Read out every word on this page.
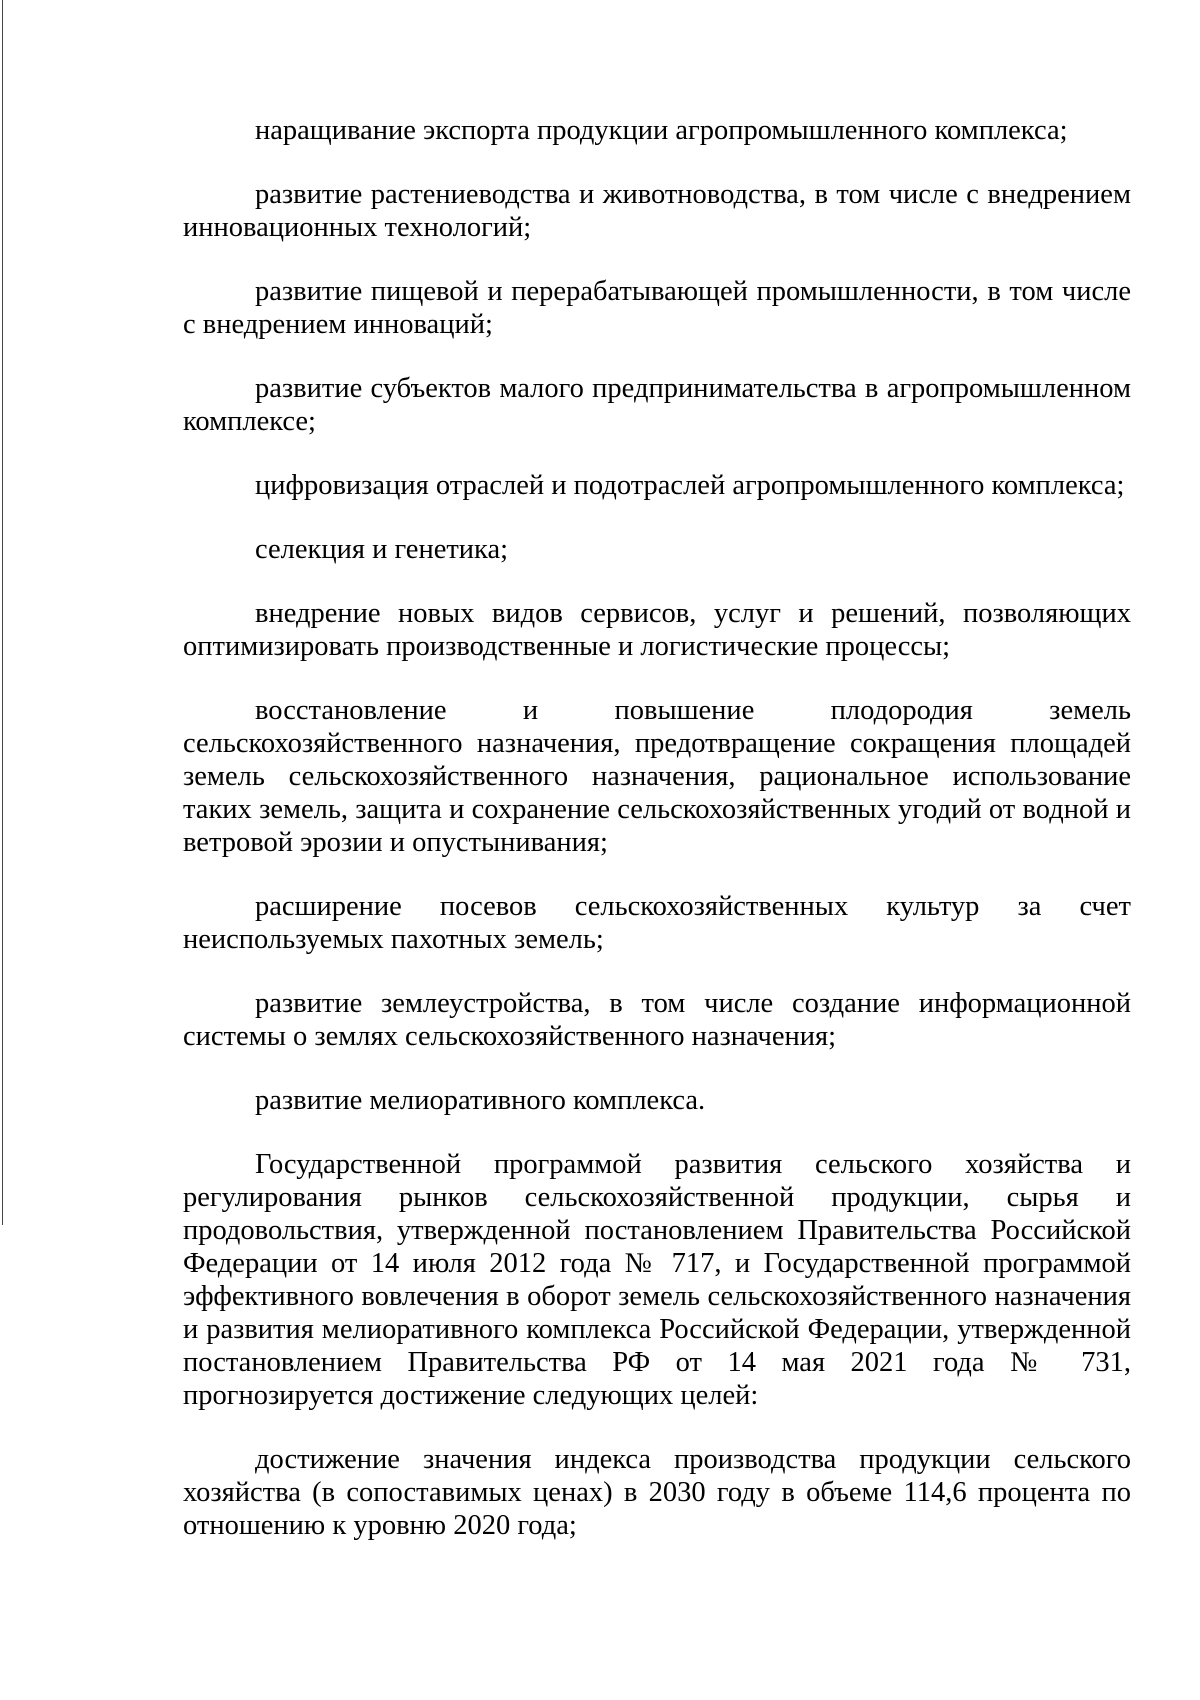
наращивание экспорта продукции агропромышленного комплекса;

развитие растениеводства и животноводства, в том числе с внедрением инновационных технологий;

развитие пищевой и перерабатывающей промышленности, в том числе с внедрением инноваций;

развитие субъектов малого предпринимательства в агропромышленном комплексе;

цифровизация отраслей и подотраслей агропромышленного комплекса;

селекция и генетика;

внедрение новых видов сервисов, услуг и решений, позволяющих оптимизировать производственные и логистические процессы;

восстановление и повышение плодородия земель сельскохозяйственного назначения, предотвращение сокращения площадей земель сельскохозяйственного назначения, рациональное использование таких земель, защита и сохранение сельскохозяйственных угодий от водной и ветровой эрозии и опустынивания;

расширение посевов сельскохозяйственных культур за счет неиспользуемых пахотных земель;

развитие землеустройства, в том числе создание информационной системы о землях сельскохозяйственного назначения;

развитие мелиоративного комплекса.

Государственной программой развития сельского хозяйства и регулирования рынков сельскохозяйственной продукции, сырья и продовольствия, утвержденной постановлением Правительства Российской Федерации от 14 июля 2012 года № 717, и Государственной программой эффективного вовлечения в оборот земель сельскохозяйственного назначения и развития мелиоративного комплекса Российской Федерации, утвержденной постановлением Правительства РФ от 14 мая 2021 года № 731, прогнозируется достижение следующих целей:

достижение значения индекса производства продукции сельского хозяйства (в сопоставимых ценах) в 2030 году в объеме 114,6 процента по отношению к уровню 2020 года;
